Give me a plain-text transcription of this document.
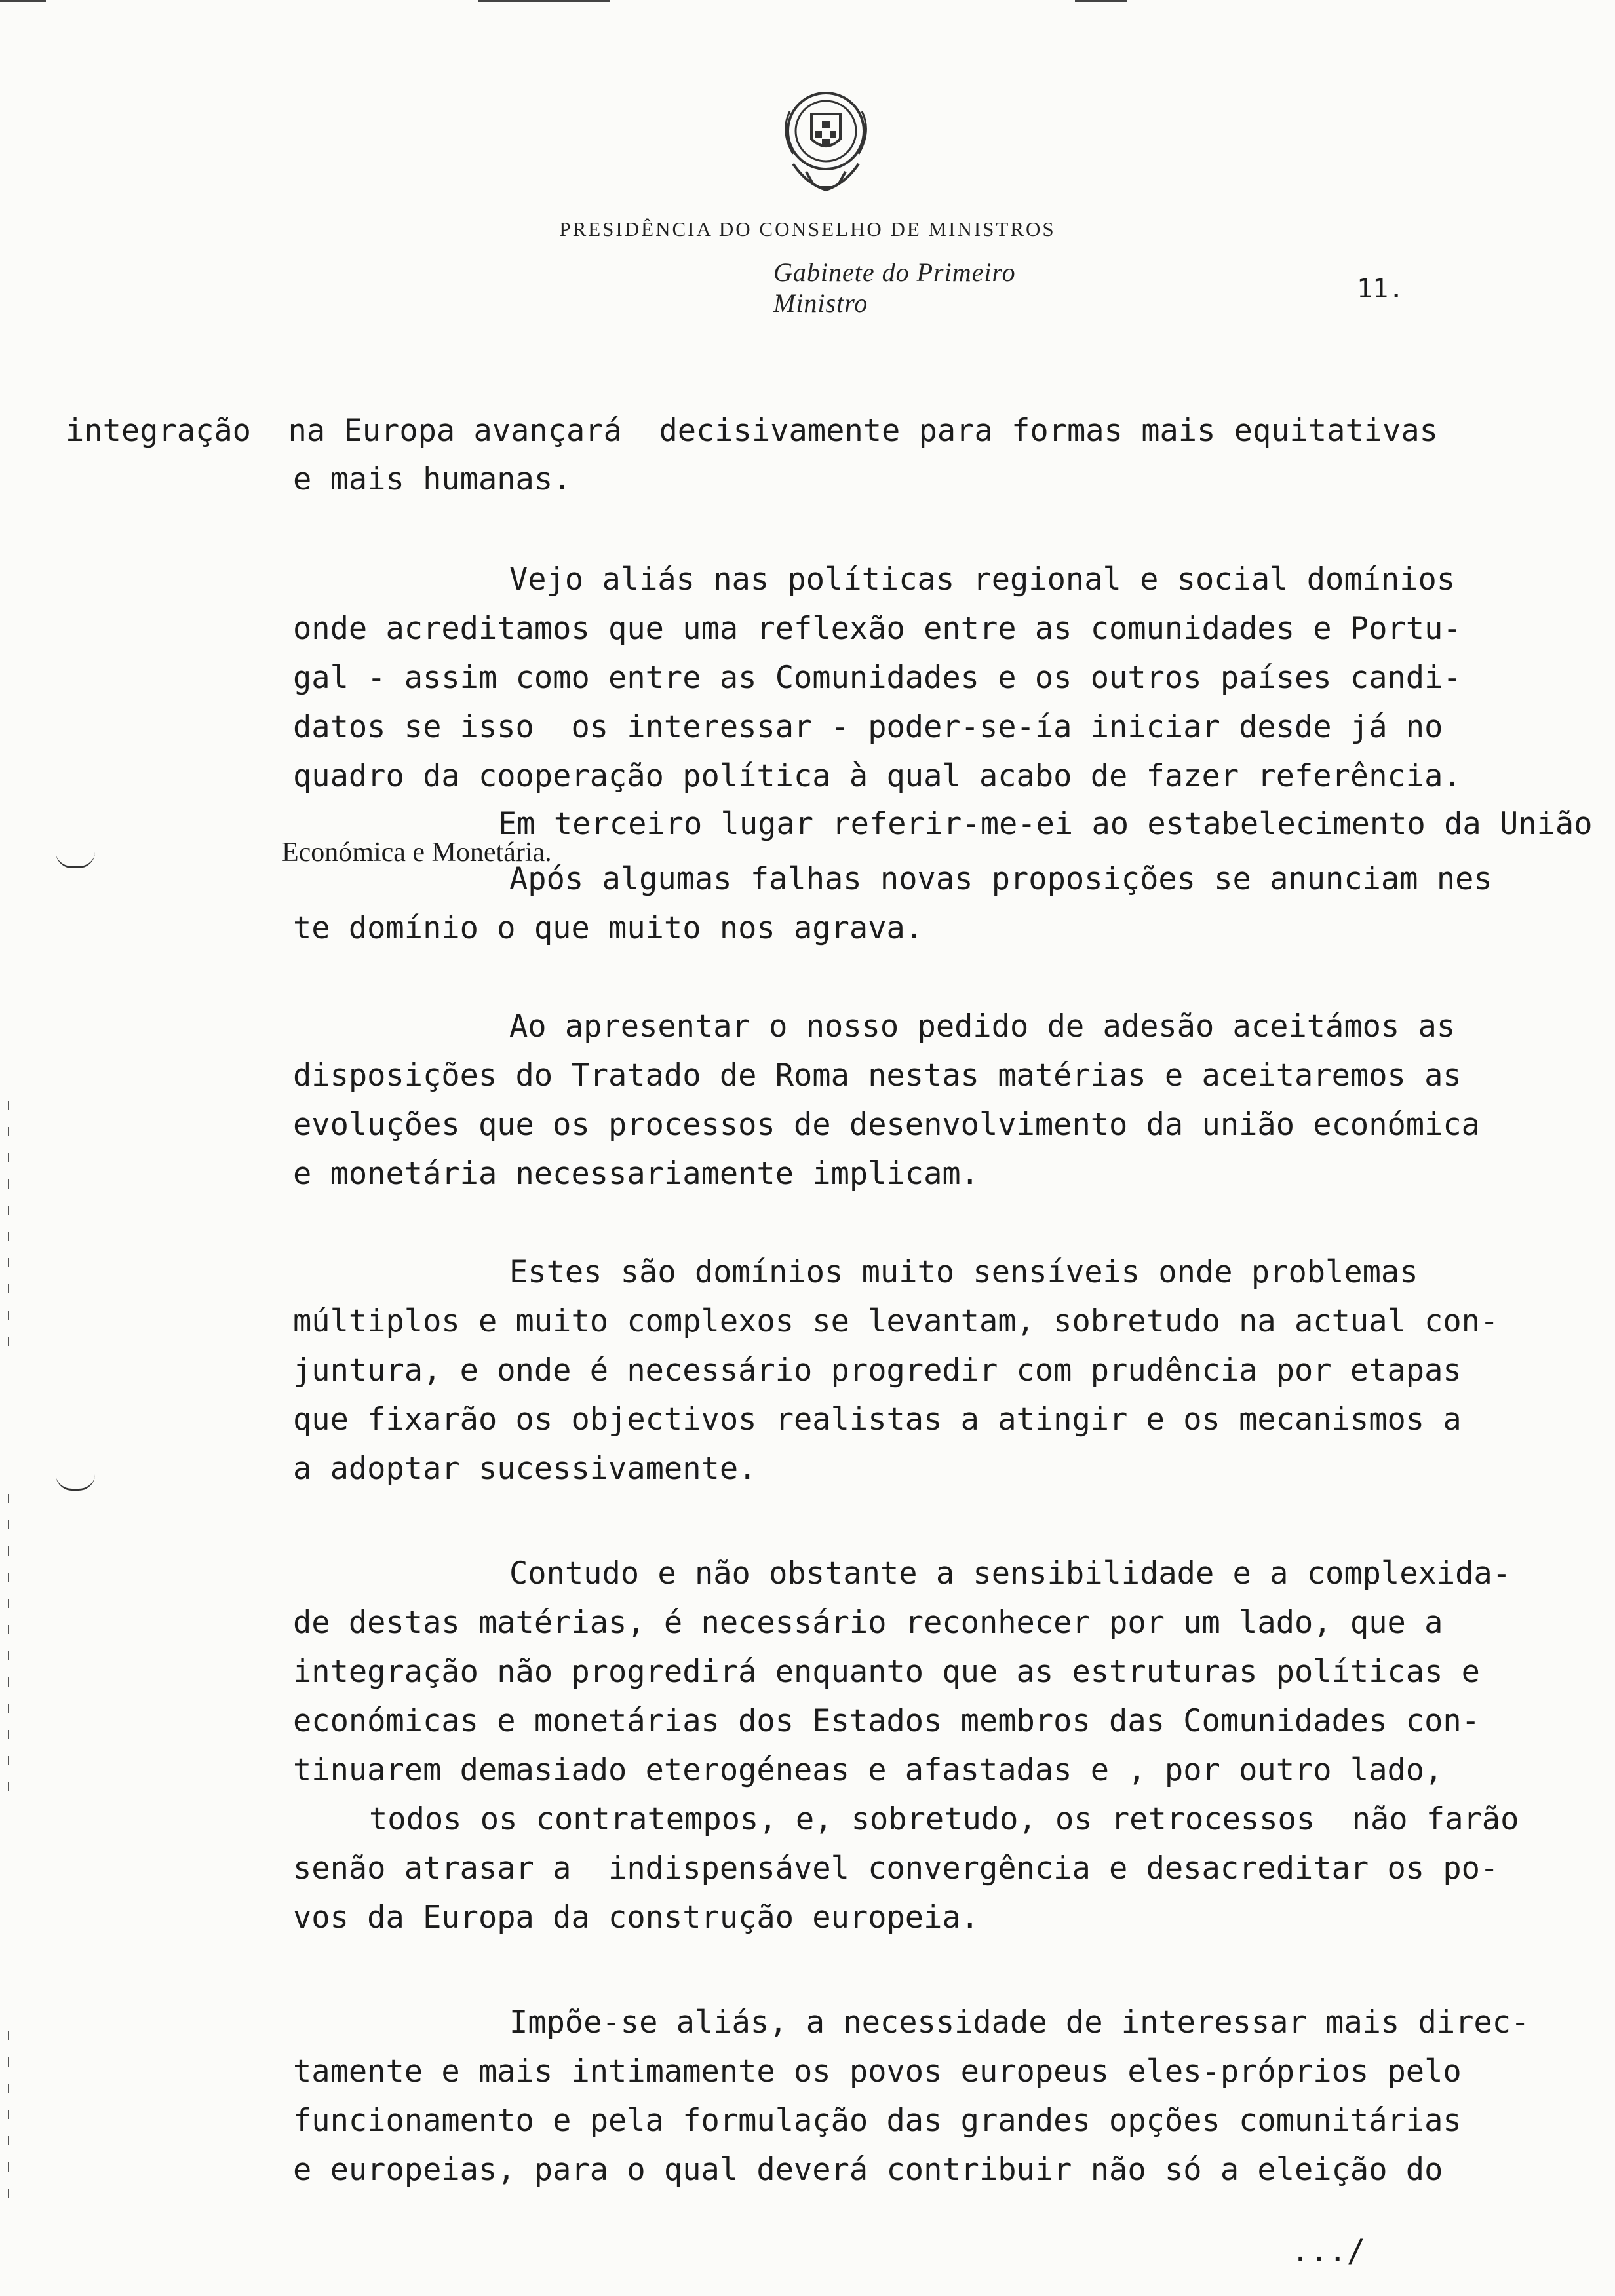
PRESIDÊNCIA DO CONSELHO DE MINISTROS
Gabinete do Primeiro Ministro	11.
integração  na Europa avançará  decisivamente para formas mais equitativas
e mais humanas.
Vejo aliás nas políticas regional e social domínios
onde acreditamos que uma reflexão entre as comunidades e Portu-
gal - assim como entre as Comunidades e os outros países candi-
datos se isso  os interessar - poder-se-ía iniciar desde já no
quadro da cooperação política à qual acabo de fazer referência.
Em terceiro lugar referir-me-ei ao estabelecimento da União
Económica e Monetária.
Após algumas falhas novas proposições se anunciam nes
te domínio o que muito nos agrava.
Ao apresentar o nosso pedido de adesão aceitámos as
disposições do Tratado de Roma nestas matérias e aceitaremos as
evoluções que os processos de desenvolvimento da união económica
e monetária necessariamente implicam.
Estes são domínios muito sensíveis onde problemas
múltiplos e muito complexos se levantam, sobretudo na actual con-
juntura, e onde é necessário progredir com prudência por etapas
que fixarão os objectivos realistas a atingir e os mecanismos a
a adoptar sucessivamente.
Contudo e não obstante a sensibilidade e a complexida-
de destas matérias, é necessário reconhecer por um lado, que a
integração não progredirá enquanto que as estruturas políticas e
económicas e monetárias dos Estados membros das Comunidades con-
tinuarem demasiado eterogéneas e afastadas e , por outro lado,
todos os contratempos, e, sobretudo, os retrocessos  não farão
senão atrasar a  indispensável convergência e desacreditar os po-
vos da Europa da construção europeia.
Impõe-se aliás, a necessidade de interessar mais direc-
tamente e mais intimamente os povos europeus eles-próprios pelo
funcionamento e pela formulação das grandes opções comunitárias
e europeias, para o qual deverá contribuir não só a eleição do
.../
